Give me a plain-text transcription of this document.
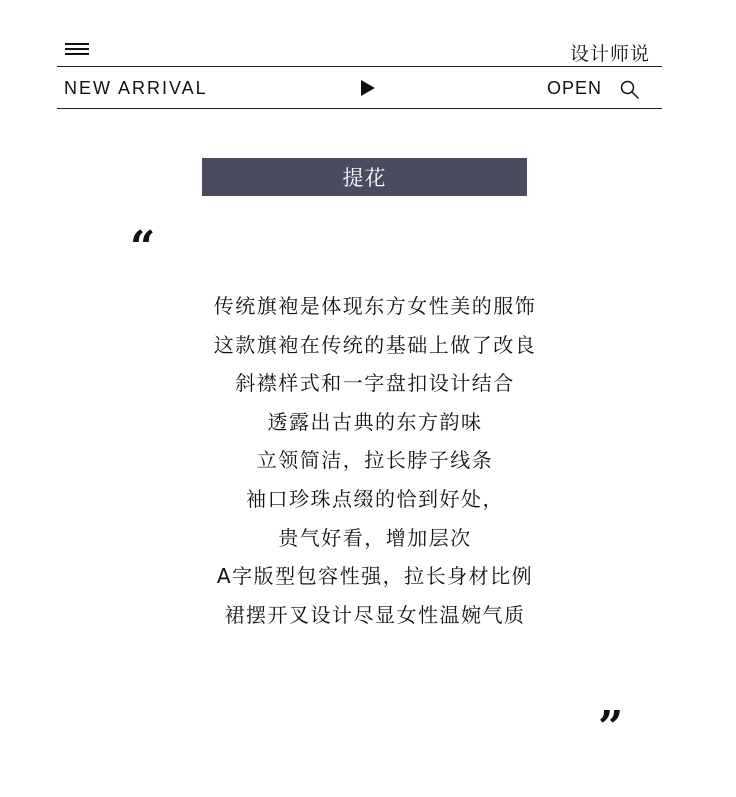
设计师说
NEW ARRIVAL	OPEN
提花
“
传统旗袍是体现东方女性美的服饰
这款旗袍在传统的基础上做了改良
斜襟样式和一字盘扣设计结合
透露出古典的东方韵味
立领简洁，拉长脖子线条
袖口珍珠点缀的恰到好处，
贵气好看，增加层次
A字版型包容性强，拉长身材比例
裙摆开叉设计尽显女性温婉气质
”
